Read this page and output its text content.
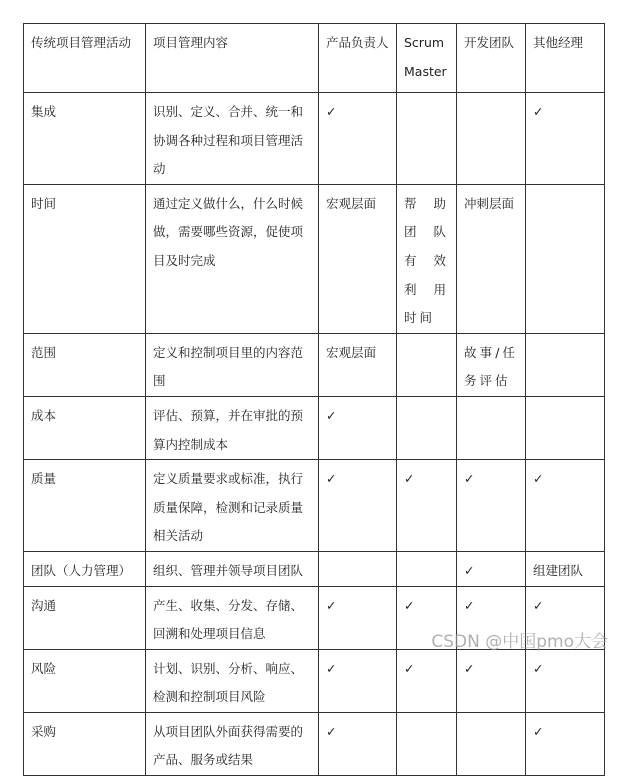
传统项目管理活动	项目管理内容	产品负责人	Scrum Master	开发团队	其他经理
集成	识别、定义、合并、统一和协调各种过程和项目管理活动	✓			✓
时间	通过定义做什么，什么时候做，需要哪些资源，促使项目及时完成	宏观层面	帮助团队有效利用时间	冲刺层面	
范围	定义和控制项目里的内容范围	宏观层面		故事/任务评估	
成本	评估、预算，并在审批的预算内控制成本	✓			
质量	定义质量要求或标准，执行质量保障，检测和记录质量相关活动	✓	✓	✓	✓
团队（人力管理）	组织、管理并领导项目团队			✓	组建团队
沟通	产生、收集、分发、存储、回溯和处理项目信息	✓	✓	✓	✓
风险	计划、识别、分析、响应、检测和控制项目风险	✓	✓	✓	✓
采购	从项目团队外面获得需要的产品、服务或结果	✓			✓
CSDN @中国pmo大会
